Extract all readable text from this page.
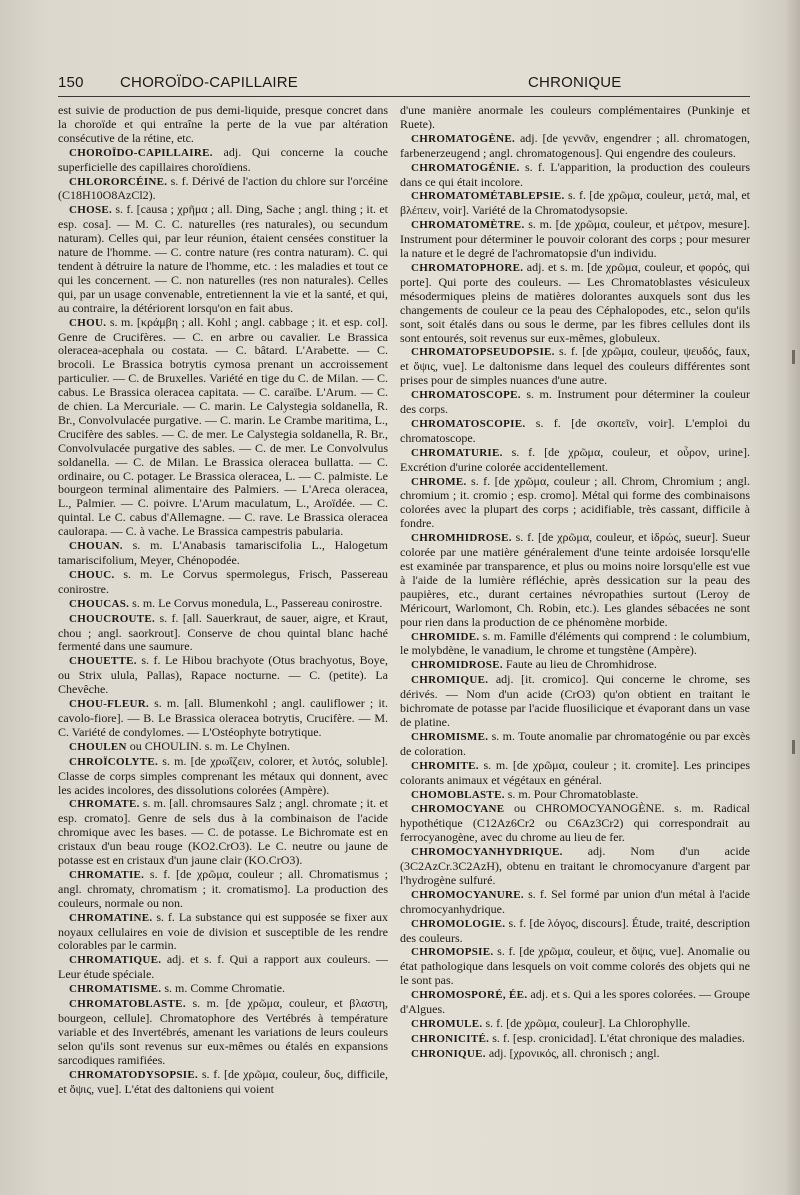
150 CHOROÏDO-CAPILLAIRE	CHRONIQUE

est suivie de production de pus demi-liquide, presque concret dans la choroïde et qui entraîne la perte de la vue par altération consécutive de la rétine, etc.

CHOROÏDO-CAPILLAIRE. adj. Qui concerne la couche superficielle des capillaires choroïdiens.

CHLORORCÉINE. s. f. Dérivé de l'action du chlore sur l'orcéine (C18H10O8AzCl2).

CHOSE. s. f. [causa ; χρῆμα ; all. Ding, Sache ; angl. thing ; it. et esp. cosa]. — M. C. C. naturelles (res naturales), ou secundum naturam). Celles qui, par leur réunion, étaient censées constituer la nature de l'homme. — C. contre nature (res contra naturam). C. qui tendent à détruire la nature de l'homme, etc. : les maladies et tout ce qui les concernent. — C. non naturelles (res non naturales). Celles qui, par un usage convenable, entretiennent la vie et la santé, et qui, au contraire, la détériorent lorsqu'on en fait abus.

CHOU. s. m. [κράμβη ; all. Kohl ; angl. cabbage ; it. et esp. col]. Genre de Crucifères. — C. en arbre ou cavalier. Le Brassica oleracea-acephala ou costata. — C. bâtard. L'Arabette. — C. brocoli. Le Brassica botrytis cymosa prenant un accroissement particulier. — C. de Bruxelles. Variété en tige du C. de Milan. — C. cabus. Le Brassica oleracea capitata. — C. caraïbe. L'Arum. — C. de chien. La Mercuriale. — C. marin. Le Calystegia soldanella, R. Br., Convolvulacée purgative. — C. marin. Le Crambe maritima, L., Crucifère des sables. — C. de mer. Le Calystegia soldanella, R. Br., Convolvulacée purgative des sables. — C. de mer. Le Convolvulus soldanella. — C. de Milan. Le Brassica oleracea bullatta. — C. ordinaire, ou C. potager. Le Brassica oleracea, L. — C. palmiste. Le bourgeon terminal alimentaire des Palmiers. — L'Areca oleracea, L., Palmier. — C. poivre. L'Arum maculatum, L., Aroïdée. — C. quintal. Le C. cabus d'Allemagne. — C. rave. Le Brassica oleracea caulorapa. — C. à vache. Le Brassica campestris pabularia.

CHOUAN. s. m. L'Anabasis tamariscifolia L., Halogetum tamariscifolium, Meyer, Chénopodée.

CHOUC. s. m. Le Corvus spermolegus, Frisch, Passereau conirostre.

CHOUCAS. s. m. Le Corvus monedula, L., Passereau conirostre.

CHOUCROUTE. s. f. [all. Sauerkraut, de sauer, aigre, et Kraut, chou ; angl. saorkrout]. Conserve de chou quintal blanc haché fermenté dans une saumure.

CHOUETTE. s. f. Le Hibou brachyote (Otus brachyotus, Boye, ou Strix ulula, Pallas), Rapace nocturne. — C. (petite). La Chevêche.

CHOU-FLEUR. s. m. [all. Blumenkohl ; angl. cauliflower ; it. cavolo-fiore]. — B. Le Brassica oleracea botrytis, Crucifère. — M. C. Variété de condylomes. — L'Ostéophyte botrytique.

CHOULEN ou CHOULIN. s. m. Le Chylnen.

CHROÏCOLYTE. s. m. [de χρωΐζειν, colorer, et λυτός, soluble]. Classe de corps simples comprenant les métaux qui donnent, avec les acides incolores, des dissolutions colorées (Ampère).

CHROMATE. s. m. [all. chromsaures Salz ; angl. chromate ; it. et esp. cromato]. Genre de sels dus à la combinaison de l'acide chromique avec les bases. — C. de potasse. Le Bichromate est en cristaux d'un beau rouge (KO2.CrO3). Le C. neutre ou jaune de potasse est en cristaux d'un jaune clair (KO.CrO3).

CHROMATIE. s. f. [de χρῶμα, couleur ; all. Chromatismus ; angl. chromaty, chromatism ; it. cromatismo]. La production des couleurs, normale ou non.

CHROMATINE. s. f. La substance qui est supposée se fixer aux noyaux cellulaires en voie de division et susceptible de les rendre colorables par le carmin.

CHROMATIQUE. adj. et s. f. Qui a rapport aux couleurs. — Leur étude spéciale.

CHROMATISME. s. m. Comme Chromatie.

CHROMATOBLASTE. s. m. [de χρῶμα, couleur, et βλαστη, bourgeon, cellule]. Chromatophore des Vertébrés à température variable et des Invertébrés, amenant les variations de leurs couleurs selon qu'ils sont revenus sur eux-mêmes ou étalés en expansions sarcodiques ramifiées.

CHROMATODYSOPSIE. s. f. [de χρῶμα, couleur, δυς, difficile, et ὄψις, vue]. L'état des daltoniens qui voient

d'une manière anormale les couleurs complémentaires (Punkinje et Ruete).

CHROMATOGÈNE. adj. [de γεννᾶν, engendrer ; all. chromatogen, farbenerzeugend ; angl. chromatogenous]. Qui engendre des couleurs.

CHROMATOGÉNIE. s. f. L'apparition, la production des couleurs dans ce qui était incolore.

CHROMATOMÉTABLEPSIE. s. f. [de χρῶμα, couleur, μετά, mal, et βλέπειν, voir]. Variété de la Chromatodysopsie.

CHROMATOMÈTRE. s. m. [de χρῶμα, couleur, et μέτρον, mesure]. Instrument pour déterminer le pouvoir colorant des corps ; pour mesurer la nature et le degré de l'achromatopsie d'un individu.

CHROMATOPHORE. adj. et s. m. [de χρῶμα, couleur, et φορός, qui porte]. Qui porte des couleurs. — Les Chromatoblastes vésiculeux mésodermiques pleins de matières dolorantes auxquels sont dus les changements de couleur ce la peau des Céphalopodes, etc., selon qu'ils sont, soit étalés dans ou sous le derme, par les fibres cellules dont ils sont entourés, soit revenus sur eux-mêmes, globuleux.

CHROMATOPSEUDOPSIE. s. f. [de χρῶμα, couleur, ψευδός, faux, et ὄψις, vue]. Le daltonisme dans lequel des couleurs différentes sont prises pour de simples nuances d'une autre.

CHROMATOSCOPE. s. m. Instrument pour déterminer la couleur des corps.

CHROMATOSCOPIE. s. f. [de σκοπεῖν, voir]. L'emploi du chromatoscope.

CHROMATURIE. s. f. [de χρῶμα, couleur, et οὖρον, urine]. Excrétion d'urine colorée accidentellement.

CHROME. s. f. [de χρῶμα, couleur ; all. Chrom, Chromium ; angl. chromium ; it. cromio ; esp. cromo]. Métal qui forme des combinaisons colorées avec la plupart des corps ; acidifiable, très cassant, difficile à fondre.

CHROMHIDROSE. s. f. [de χρῶμα, couleur, et ἱδρώς, sueur]. Sueur colorée par une matière généralement d'une teinte ardoisée lorsqu'elle est examinée par transparence, et plus ou moins noire lorsqu'elle est vue à l'aide de la lumière réfléchie, après dessication sur la peau des paupières, etc., durant certaines névropathies surtout (Leroy de Méricourt, Warlomont, Ch. Robin, etc.). Les glandes sébacées ne sont pour rien dans la production de ce phénomène morbide.

CHROMIDE. s. m. Famille d'éléments qui comprend : le columbium, le molybdène, le vanadium, le chrome et tungstène (Ampère).

CHROMIDROSE. Faute au lieu de Chromhidrose.

CHROMIQUE. adj. [it. cromico]. Qui concerne le chrome, ses dérivés. — Nom d'un acide (CrO3) qu'on obtient en traitant le bichromate de potasse par l'acide fluosilicique et évaporant dans un vase de platine.

CHROMISME. s. m. Toute anomalie par chromatogénie ou par excès de coloration.

CHROMITE. s. m. [de χρῶμα, couleur ; it. cromite]. Les principes colorants animaux et végétaux en général.

CHOMOBLASTE. s. m. Pour Chromatoblaste.

CHROMOCYANE ou CHROMOCYANOGÈNE. s. m. Radical hypothétique (C12Az6Cr2 ou C6Az3Cr2) qui correspondrait au ferrocyanogène, avec du chrome au lieu de fer.

CHROMOCYANHYDRIQUE. adj. Nom d'un acide (3C2AzCr.3C2AzH), obtenu en traitant le chromocyanure d'argent par l'hydrogène sulfuré.

CHROMOCYANURE. s. f. Sel formé par union d'un métal à l'acide chromocyanhydrique.

CHROMOLOGIE. s. f. [de λόγος, discours]. Étude, traité, description des couleurs.

CHROMOPSIE. s. f. [de χρῶμα, couleur, et ὄψις, vue]. Anomalie ou état pathologique dans lesquels on voit comme colorés des objets qui ne le sont pas.

CHROMOSPORÉ, ÉE. adj. et s. Qui a les spores colorées. — Groupe d'Algues.

CHROMULE. s. f. [de χρῶμα, couleur]. La Chlorophylle.

CHRONICITÉ. s. f. [esp. cronicidad]. L'état chronique des maladies.

CHRONIQUE. adj. [χρονικός, all. chronisch ; angl.
